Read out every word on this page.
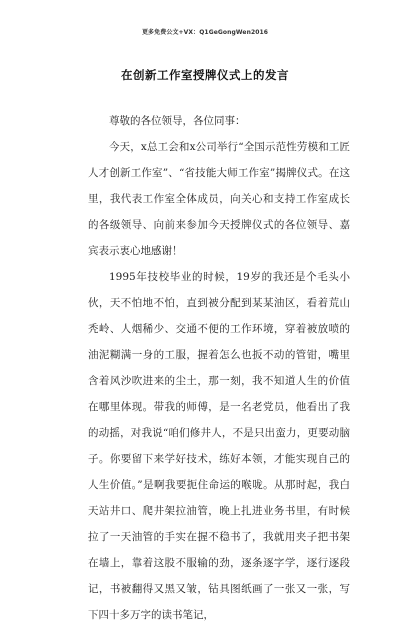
更多免费公文+VX：Q1GeGongWen2016
在创新工作室授牌仪式上的发言

尊敬的各位领导，各位同事：

今天，x总工会和x公司举行“全国示范性劳模和工匠人才创新工作室”、“省技能大师工作室”揭牌仪式。在这里，我代表工作室全体成员，向关心和支持工作室成长的各级领导、向前来参加今天授牌仪式的各位领导、嘉宾表示衷心地感谢！

1995年技校毕业的时候，19岁的我还是个毛头小伙，天不怕地不怕，直到被分配到某某油区，看着荒山秃岭、人烟稀少、交通不便的工作环境，穿着被放喷的油泥糊满一身的工服，握着怎么也扳不动的管钳，嘴里含着风沙吹进来的尘土，那一刻，我不知道人生的价值在哪里体现。带我的师傅，是一名老党员，他看出了我的动摇，对我说“咱们修井人，不是只出蛮力，更要动脑子。你要留下来学好技术，练好本领，才能实现自己的人生价值。”是啊我要扼住命运的喉咙。从那时起，我白天站井口、爬井架拉油管，晚上扎进业务书里，有时候拉了一天油管的手实在握不稳书了，我就用夹子把书架在墙上，靠着这股不服输的劲，逐条逐字学，逐行逐段记，书被翻得又黑又皱，钻具图纸画了一张又一张，写下四十多万字的读书笔记，
